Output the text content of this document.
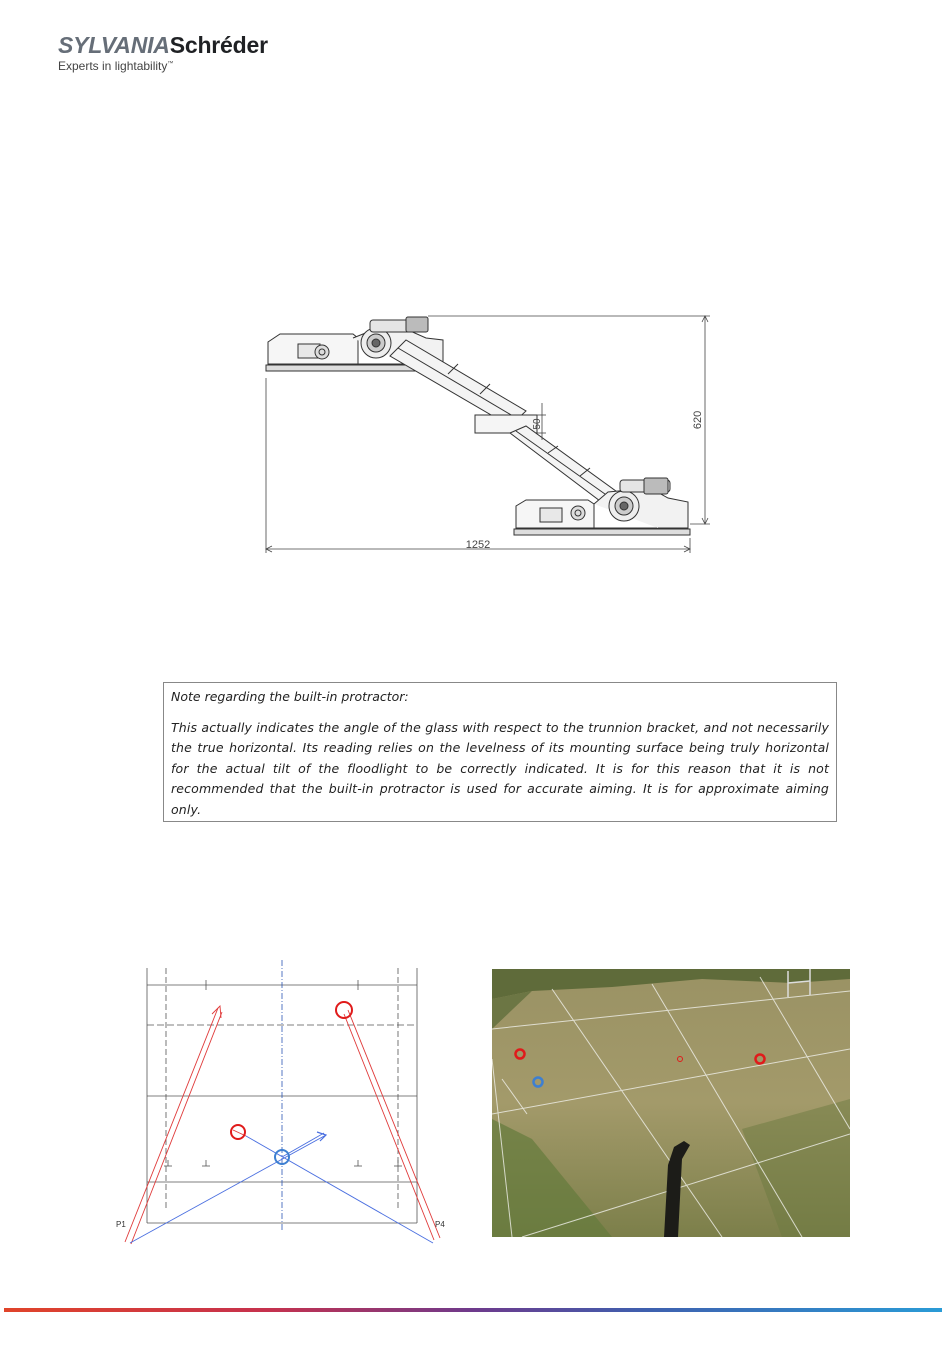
SYLVANIASchréder
Experts in lightability™
1252
620
50

Note regarding the built-in protractor:

This actually indicates the angle of the glass with respect to the trunnion bracket, and not necessarily the true horizontal. Its reading relies on the levelness of its mounting surface being truly horizontal for the actual tilt of the floodlight to be correctly indicated. It is for this reason that it is not recommended that the built-in protractor is used for accurate aiming. It is for approximate aiming only.

P1	P4
